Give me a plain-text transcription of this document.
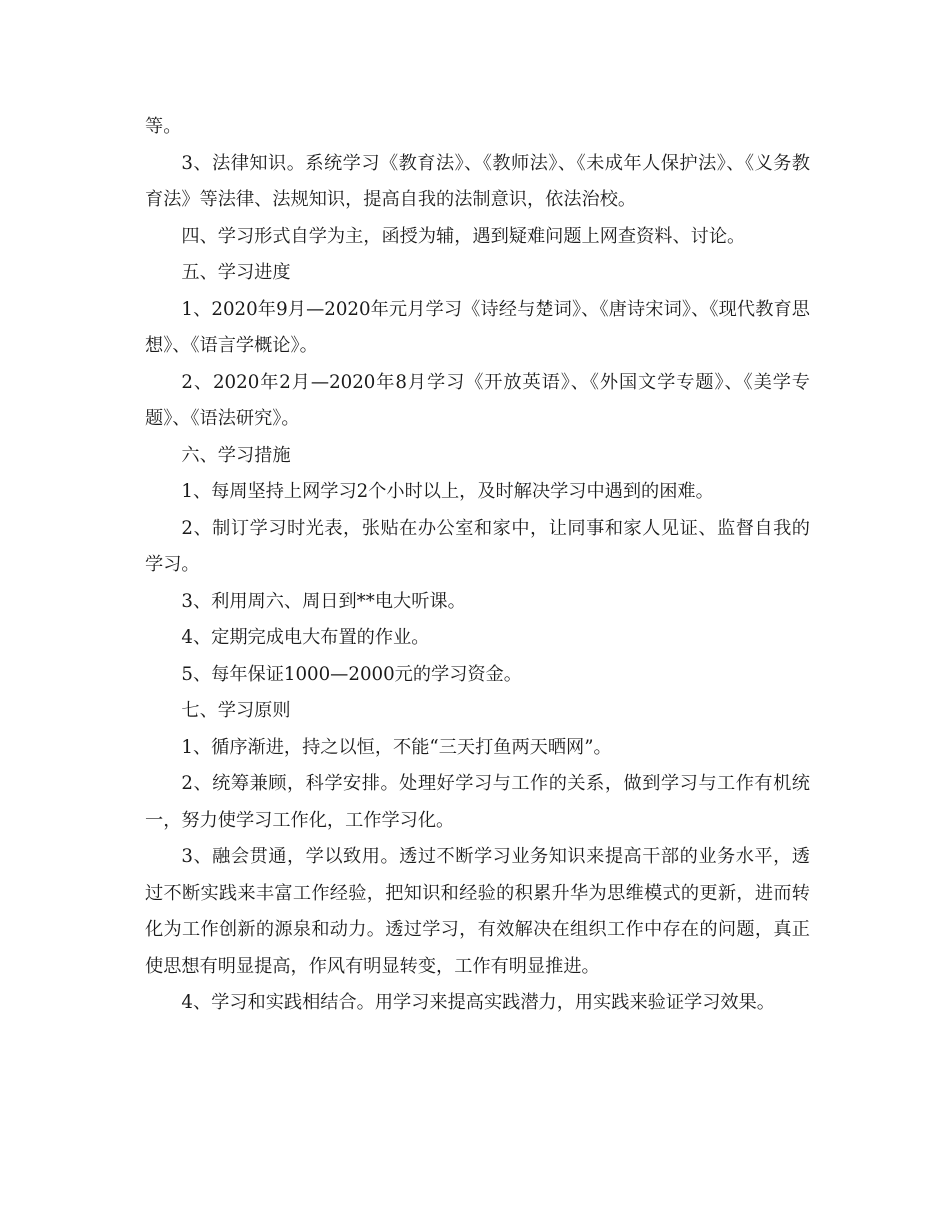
等。

3、法律知识。系统学习《教育法》、《教师法》、《未成年人保护法》、《义务教育法》等法律、法规知识，提高自我的法制意识，依法治校。

四、学习形式自学为主，函授为辅，遇到疑难问题上网查资料、讨论。

五、学习进度

1、2020年9月—2020年元月学习《诗经与楚词》、《唐诗宋词》、《现代教育思想》、《语言学概论》。

2、2020年2月—2020年8月学习《开放英语》、《外国文学专题》、《美学专题》、《语法研究》。

六、学习措施

1、每周坚持上网学习2个小时以上，及时解决学习中遇到的困难。

2、制订学习时光表，张贴在办公室和家中，让同事和家人见证、监督自我的学习。

3、利用周六、周日到**电大听课。

4、定期完成电大布置的作业。

5、每年保证1000—2000元的学习资金。

七、学习原则

1、循序渐进，持之以恒，不能“三天打鱼两天晒网”。

2、统筹兼顾，科学安排。处理好学习与工作的关系，做到学习与工作有机统一，努力使学习工作化，工作学习化。

3、融会贯通，学以致用。透过不断学习业务知识来提高干部的业务水平，透过不断实践来丰富工作经验，把知识和经验的积累升华为思维模式的更新，进而转化为工作创新的源泉和动力。透过学习，有效解决在组织工作中存在的问题，真正使思想有明显提高，作风有明显转变，工作有明显推进。

4、学习和实践相结合。用学习来提高实践潜力，用实践来验证学习效果。
